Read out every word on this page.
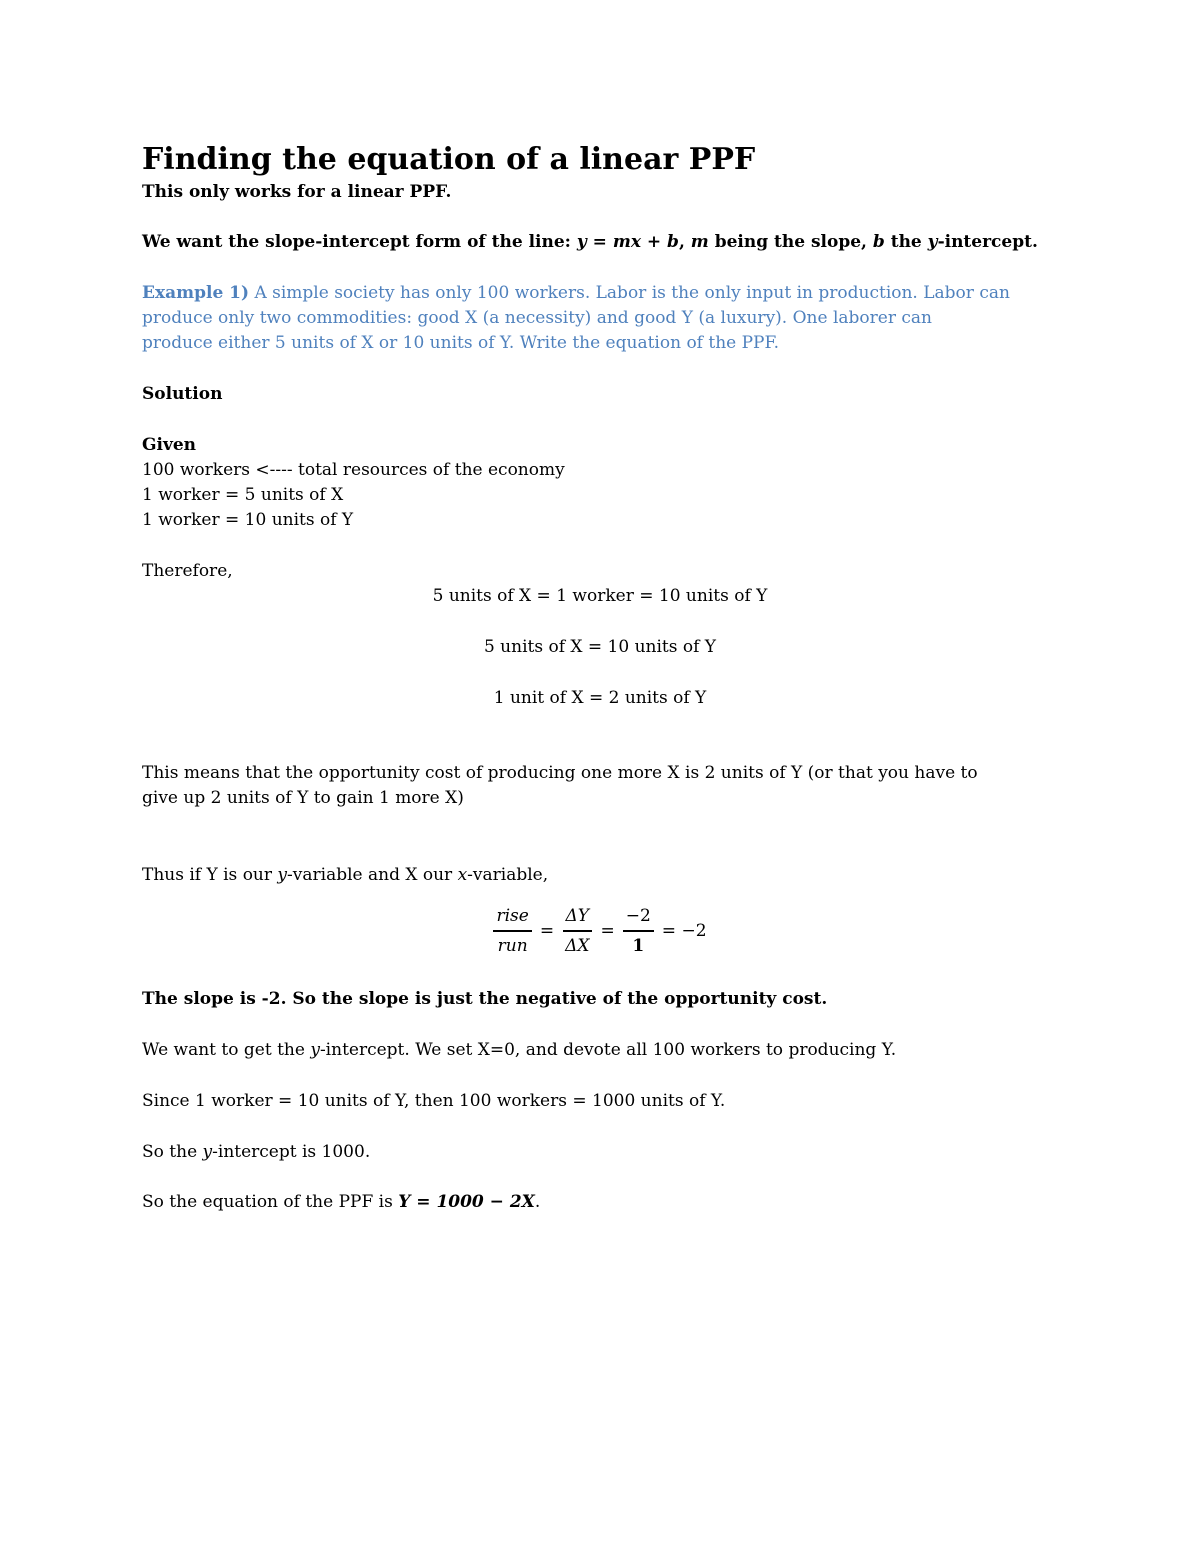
Finding the equation of a linear PPF
This only works for a linear PPF.
We want the slope-intercept form of the line: y = mx + b, m being the slope, b the y-intercept.
Example 1) A simple society has only 100 workers. Labor is the only input in production. Labor can
produce only two commodities: good X (a necessity) and good Y (a luxury). One laborer can
produce either 5 units of X or 10 units of Y. Write the equation of the PPF.
Solution
Given
100 workers <---- total resources of the economy
1 worker = 5 units of X
1 worker = 10 units of Y
Therefore,
5 units of X = 1 worker = 10 units of Y
5 units of X = 10 units of Y
1 unit of X = 2 units of Y
This means that the opportunity cost of producing one more X is 2 units of Y (or that you have to
give up 2 units of Y to gain 1 more X)
Thus if Y is our y-variable and X our x-variable,
$\frac{\text{rise}}{\text{run}} = \frac{\Delta Y}{\Delta X} = \frac{-2}{1} = -2$
The slope is -2. So the slope is just the negative of the opportunity cost.
We want to get the y-intercept. We set X=0, and devote all 100 workers to producing Y.
Since 1 worker = 10 units of Y, then 100 workers = 1000 units of Y.
So the y-intercept is 1000.
So the equation of the PPF is Y = 1000 − 2X.
